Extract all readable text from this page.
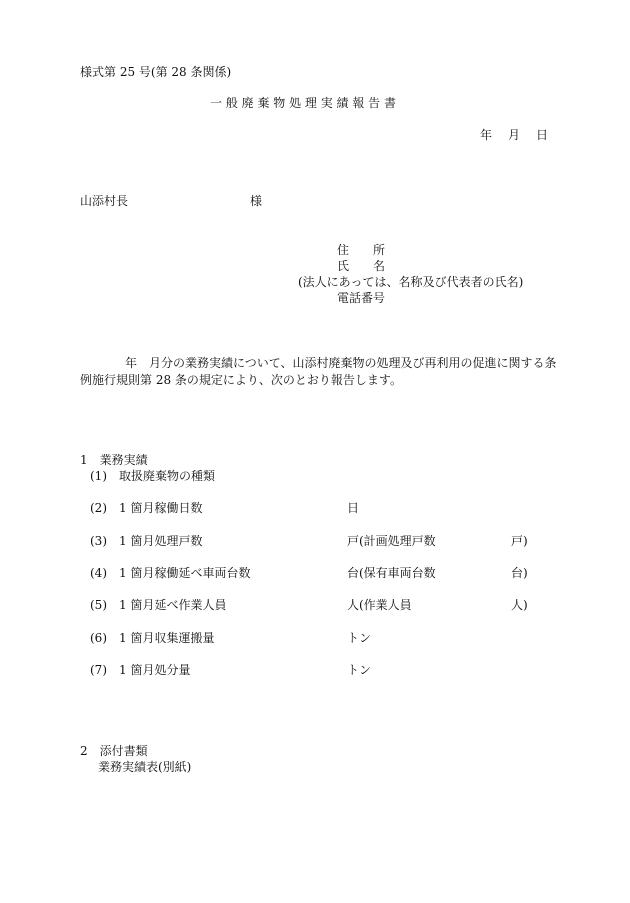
様式第 25 号(第 28 条関係)
一 般 廃 棄 物 処 理 実 績 報 告 書
年　月　日
山添村長	様
住　　所
氏　　名
(法人にあっては、名称及び代表者の氏名)
電話番号
年　月分の業務実績について、山添村廃棄物の処理及び再利用の促進に関する条
例施行規則第 28 条の規定により、次のとおり報告します。
1　業務実績
(1) 取扱廃棄物の種類
(2) 1 箇月稼働日数	日
(3) 1 箇月処理戸数	戸(計画処理戸数	戸)
(4) 1 箇月稼働延べ車両台数	台(保有車両台数	台)
(5) 1 箇月延べ作業人員	人(作業人員	人)
(6) 1 箇月収集運搬量	トン
(7) 1 箇月処分量	トン
2　添付書類
業務実績表(別紙)
